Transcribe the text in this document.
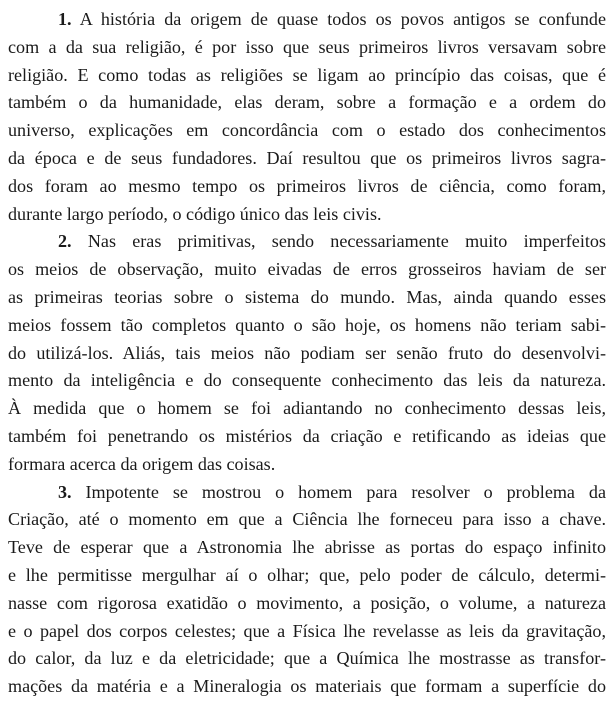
1. A história da origem de quase todos os povos antigos se confunde
com a da sua religião, é por isso que seus primeiros livros versavam sobre
religião. E como todas as religiões se ligam ao princípio das coisas, que é
também o da humanidade, elas deram, sobre a formação e a ordem do
universo, explicações em concordância com o estado dos conhecimentos
da época e de seus fundadores. Daí resultou que os primeiros livros sagra-
dos foram ao mesmo tempo os primeiros livros de ciência, como foram,
durante largo período, o código único das leis civis.
2. Nas eras primitivas, sendo necessariamente muito imperfeitos
os meios de observação, muito eivadas de erros grosseiros haviam de ser
as primeiras teorias sobre o sistema do mundo. Mas, ainda quando esses
meios fossem tão completos quanto o são hoje, os homens não teriam sabi-
do utilizá-los. Aliás, tais meios não podiam ser senão fruto do desenvolvi-
mento da inteligência e do consequente conhecimento das leis da natureza.
À medida que o homem se foi adiantando no conhecimento dessas leis,
também foi penetrando os mistérios da criação e retificando as ideias que
formara acerca da origem das coisas.
3. Impotente se mostrou o homem para resolver o problema da
Criação, até o momento em que a Ciência lhe forneceu para isso a chave.
Teve de esperar que a Astronomia lhe abrisse as portas do espaço infinito
e lhe permitisse mergulhar aí o olhar; que, pelo poder de cálculo, determi-
nasse com rigorosa exatidão o movimento, a posição, o volume, a natureza
e o papel dos corpos celestes; que a Física lhe revelasse as leis da gravitação,
do calor, da luz e da eletricidade; que a Química lhe mostrasse as transfor-
mações da matéria e a Mineralogia os materiais que formam a superfície do
